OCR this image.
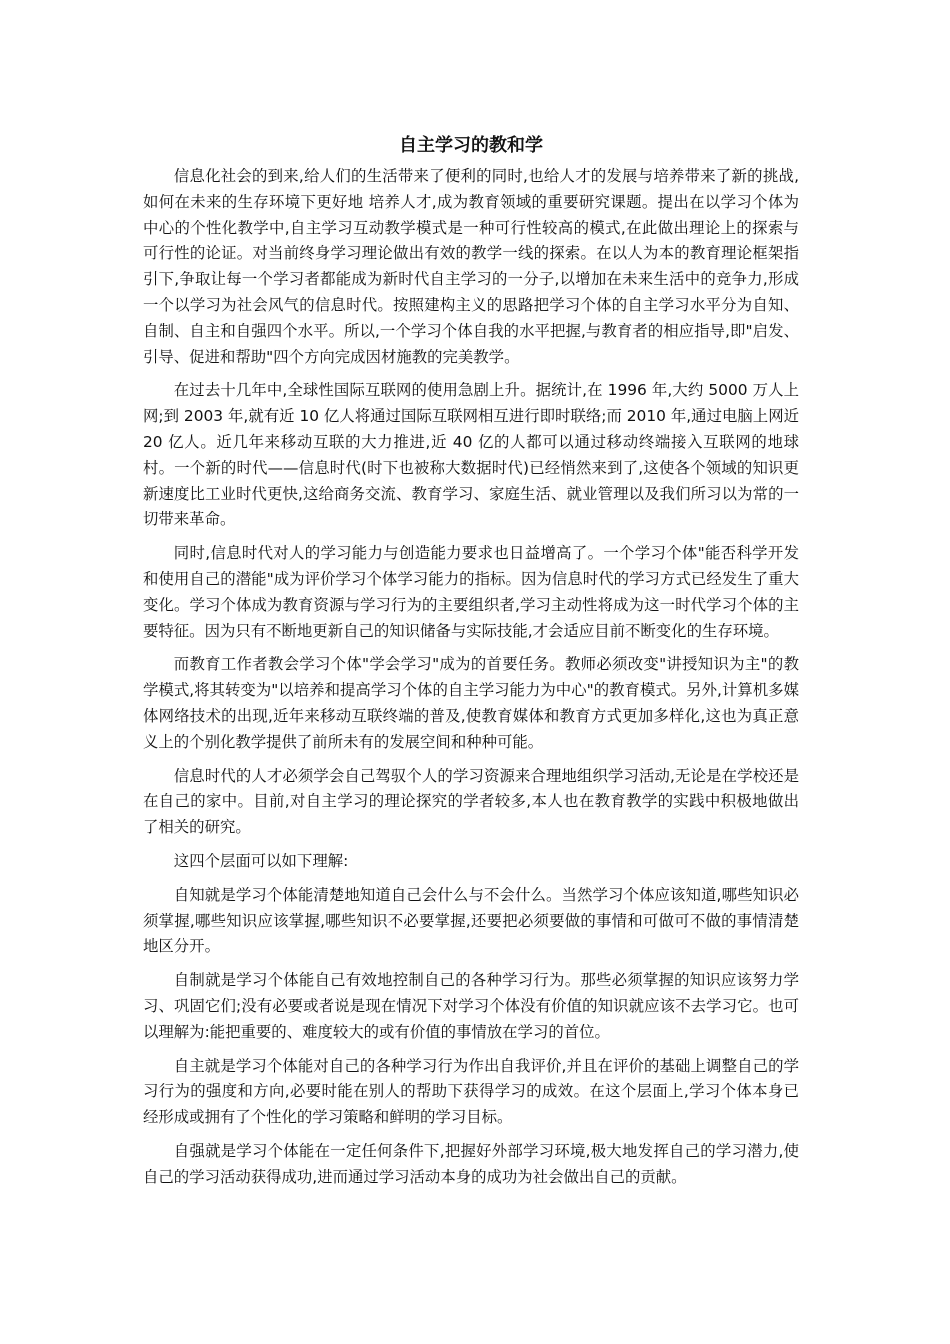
自主学习的教和学

信息化社会的到来,给人们的生活带来了便利的同时,也给人才的发展与培养带来了新的挑战,如何在未来的生存环境下更好地 培养人才,成为教育领域的重要研究课题。提出在以学习个体为中心的个性化教学中,自主学习互动教学模式是一种可行性较高的模式,在此做出理论上的探索与可行性的论证。对当前终身学习理论做出有效的教学一线的探索。在以人为本的教育理论框架指引下,争取让每一个学习者都能成为新时代自主学习的一分子,以增加在未来生活中的竞争力,形成一个以学习为社会风气的信息时代。按照建构主义的思路把学习个体的自主学习水平分为自知、自制、自主和自强四个水平。所以,一个学习个体自我的水平把握,与教育者的相应指导,即"启发、引导、促进和帮助"四个方向完成因材施教的完美教学。

在过去十几年中,全球性国际互联网的使用急剧上升。据统计,在 1996 年,大约 5000 万人上网;到 2003 年,就有近 10 亿人将通过国际互联网相互进行即时联络;而 2010 年,通过电脑上网近 20 亿人。近几年来移动互联的大力推进,近 40 亿的人都可以通过移动终端接入互联网的地球村。一个新的时代——信息时代(时下也被称大数据时代)已经悄然来到了,这使各个领域的知识更新速度比工业时代更快,这给商务交流、教育学习、家庭生活、就业管理以及我们所习以为常的一切带来革命。

同时,信息时代对人的学习能力与创造能力要求也日益增高了。一个学习个体"能否科学开发和使用自己的潜能"成为评价学习个体学习能力的指标。因为信息时代的学习方式已经发生了重大变化。学习个体成为教育资源与学习行为的主要组织者,学习主动性将成为这一时代学习个体的主要特征。因为只有不断地更新自己的知识储备与实际技能,才会适应目前不断变化的生存环境。

而教育工作者教会学习个体"学会学习"成为的首要任务。教师必须改变"讲授知识为主"的教学模式,将其转变为"以培养和提高学习个体的自主学习能力为中心"的教育模式。另外,计算机多媒体网络技术的出现,近年来移动互联终端的普及,使教育媒体和教育方式更加多样化,这也为真正意义上的个别化教学提供了前所未有的发展空间和种种可能。

信息时代的人才必须学会自己驾驭个人的学习资源来合理地组织学习活动,无论是在学校还是在自己的家中。目前,对自主学习的理论探究的学者较多,本人也在教育教学的实践中积极地做出了相关的研究。

这四个层面可以如下理解:

自知就是学习个体能清楚地知道自己会什么与不会什么。当然学习个体应该知道,哪些知识必须掌握,哪些知识应该掌握,哪些知识不必要掌握,还要把必须要做的事情和可做可不做的事情清楚地区分开。

自制就是学习个体能自己有效地控制自己的各种学习行为。那些必须掌握的知识应该努力学习、巩固它们;没有必要或者说是现在情况下对学习个体没有价值的知识就应该不去学习它。也可以理解为:能把重要的、难度较大的或有价值的事情放在学习的首位。

自主就是学习个体能对自己的各种学习行为作出自我评价,并且在评价的基础上调整自己的学习行为的强度和方向,必要时能在别人的帮助下获得学习的成效。在这个层面上,学习个体本身已经形成或拥有了个性化的学习策略和鲜明的学习目标。

自强就是学习个体能在一定任何条件下,把握好外部学习环境,极大地发挥自己的学习潜力,使自己的学习活动获得成功,进而通过学习活动本身的成功为社会做出自己的贡献。
